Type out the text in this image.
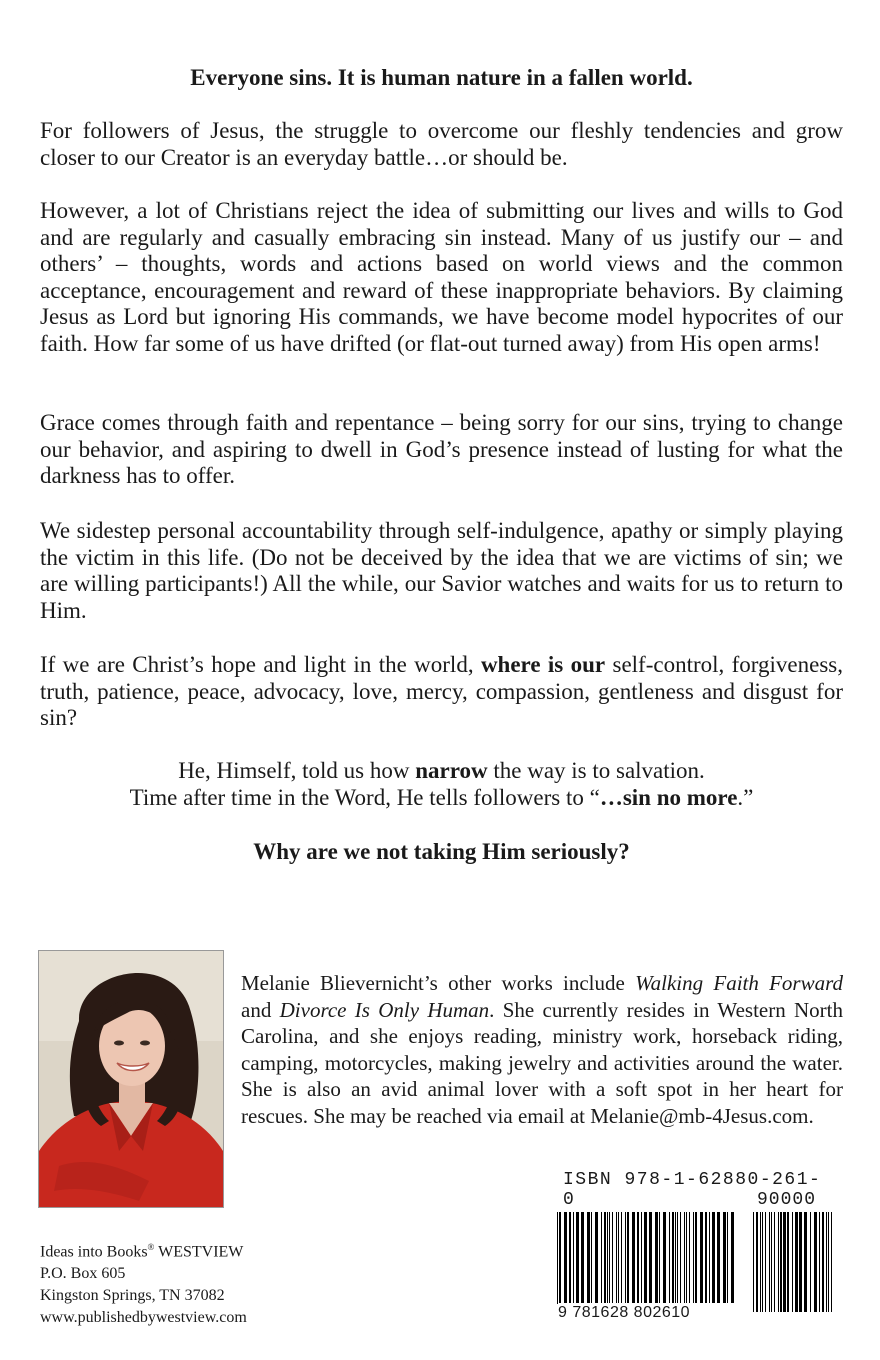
Everyone sins. It is human nature in a fallen world.

For followers of Jesus, the struggle to overcome our fleshly tendencies and grow closer to our Creator is an everyday battle…or should be.

However, a lot of Christians reject the idea of submitting our lives and wills to God and are regularly and casually embracing sin instead. Many of us justify our – and others’ – thoughts, words and actions based on world views and the common acceptance, encouragement and reward of these inappropriate behaviors. By claiming Jesus as Lord but ignoring His commands, we have become model hypocrites of our faith. How far some of us have drifted (or flat-out turned away) from His open arms!

Grace comes through faith and repentance – being sorry for our sins, trying to change our behavior, and aspiring to dwell in God’s presence instead of lusting for what the darkness has to offer.

We sidestep personal accountability through self-indulgence, apathy or simply playing the victim in this life. (Do not be deceived by the idea that we are victims of sin; we are willing participants!) All the while, our Savior watches and waits for us to return to Him.

If we are Christ’s hope and light in the world, where is our self-control, forgiveness, truth, patience, peace, advocacy, love, mercy, compassion, gentleness and disgust for sin?

He, Himself, told us how narrow the way is to salvation.
Time after time in the Word, He tells followers to “…sin no more.”
Why are we not taking Him seriously?

Melanie Blievernicht’s other works include Walking Faith Forward and Divorce Is Only Human. She currently resides in Western North Carolina, and she enjoys reading, ministry work, horseback riding, camping, motorcycles, making jewelry and activities around the water. She is also an avid animal lover with a soft spot in her heart for rescues. She may be reached via email at Melanie@mb-4Jesus.com.

Ideas into Books® WESTVIEW
P.O. Box 605
Kingston Springs, TN 37082
www.publishedbywestview.com
ISBN 978-1-62880-261-0	90000
9 781628 802610
